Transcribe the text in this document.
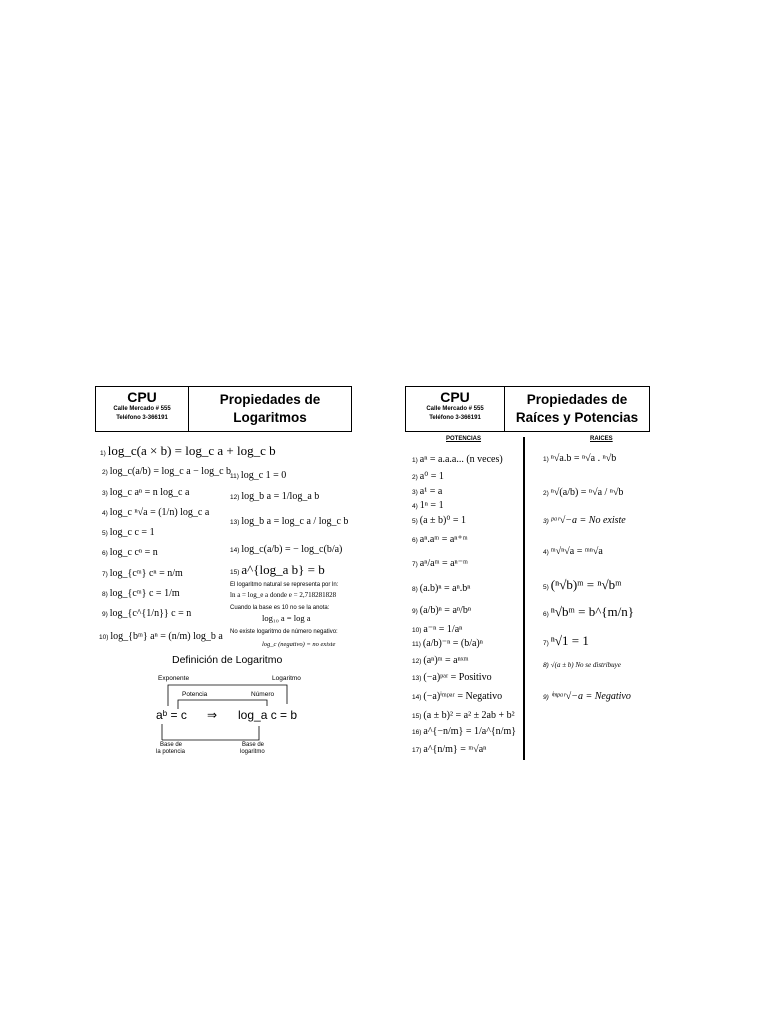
CPU
Calle Mercado # 555
Teléfono 3-366191
Propiedades de
Logaritmos
CPU
Calle Mercado # 555
Teléfono 3-366191
Propiedades de
Raíces y Potencias
1) log_c(a × b) = log_c a + log_c b
2) log_c(a/b) = log_c a − log_c b
3) log_c aⁿ = n log_c a
4) log_c ⁿ√a = (1/n) log_c a
5) log_c c = 1
6) log_c cⁿ = n
7) log_{cᵐ} cⁿ = n/m
8) log_{cᵐ} c = 1/m
9) log_{c^{1/n}} c = n
10) log_{bᵐ} aⁿ = (n/m) log_b a
11) log_c 1 = 0
12) log_b a = 1/log_a b
13) log_b a = log_c a / log_c b
14) log_c(a/b) = − log_c(b/a)
15) a^{log_a b} = b
El logaritmo natural se representa por ln:
ln a = log_e a donde e = 2,718281828
Cuando la base es 10 no se la anota:
log₁₀ a = log a
No existe logaritmo de número negativo:
log_c (negativo) = no existe
Definición de Logaritmo
Exponente	Logaritmo
Potencia	Número
aᵇ = c ⇒ log_a c = b
Base de
la potencia
Base de
logaritmo
POTENCIAS	RAICES
1) aⁿ = a.a.a... (n veces)
2) a⁰ = 1
3) a¹ = a
4) 1ⁿ = 1
5) (a ± b)⁰ = 1
6) aⁿ.aᵐ = aⁿ⁺ᵐ
7) aⁿ/aᵐ = aⁿ⁻ᵐ
8) (a.b)ⁿ = aⁿ.bⁿ
9) (a/b)ⁿ = aⁿ/bⁿ
10) a⁻ⁿ = 1/aⁿ
11) (a/b)⁻ⁿ = (b/a)ⁿ
12) (aⁿ)ᵐ = aⁿˣᵐ
13) (−a)ᵖᵃʳ = Positivo
14) (−a)ⁱᵐᵖᵃʳ = Negativo
15) (a ± b)² = a² ± 2ab + b²
16) a^{−n/m} = 1/a^{n/m}
17) a^{n/m} = ᵐ√aⁿ
1) ⁿ√a.b = ⁿ√a . ⁿ√b
2) ⁿ√(a/b) = ⁿ√a / ⁿ√b
3) ᵖᵃʳ√−a = No existe
4) ᵐ√ⁿ√a = ᵐⁿ√a
5) (ⁿ√b)ᵐ = ⁿ√bᵐ
6) ⁿ√bᵐ = b^{m/n}
7) ⁿ√1 = 1
8) √(a ± b) No se distribuye
9) ⁱᵐᵖᵃʳ√−a = Negativo
